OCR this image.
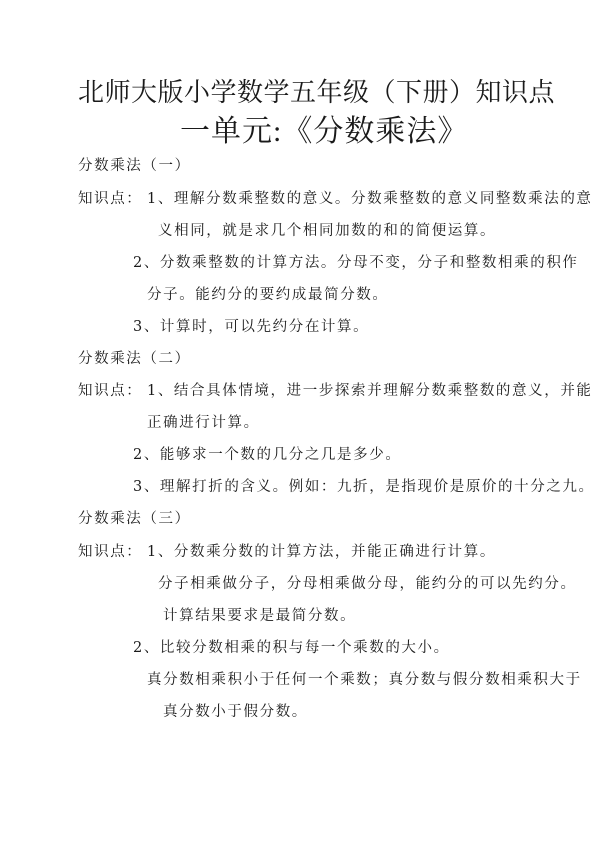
北师大版小学数学五年级（下册）知识点
一单元:《分数乘法》
分数乘法（一）
知识点： 1、理解分数乘整数的意义。分数乘整数的意义同整数乘法的意
义相同，就是求几个相同加数的和的简便运算。
2、分数乘整数的计算方法。分母不变，分子和整数相乘的积作
分子。能约分的要约成最简分数。
3、计算时，可以先约分在计算。
分数乘法（二）
知识点： 1、结合具体情境，进一步探索并理解分数乘整数的意义，并能
正确进行计算。
2、能够求一个数的几分之几是多少。
3、理解打折的含义。例如：九折，是指现价是原价的十分之九。
分数乘法（三）
知识点： 1、分数乘分数的计算方法，并能正确进行计算。
分子相乘做分子，分母相乘做分母，能约分的可以先约分。
计算结果要求是最简分数。
2、比较分数相乘的积与每一个乘数的大小。
真分数相乘积小于任何一个乘数；真分数与假分数相乘积大于
真分数小于假分数。
